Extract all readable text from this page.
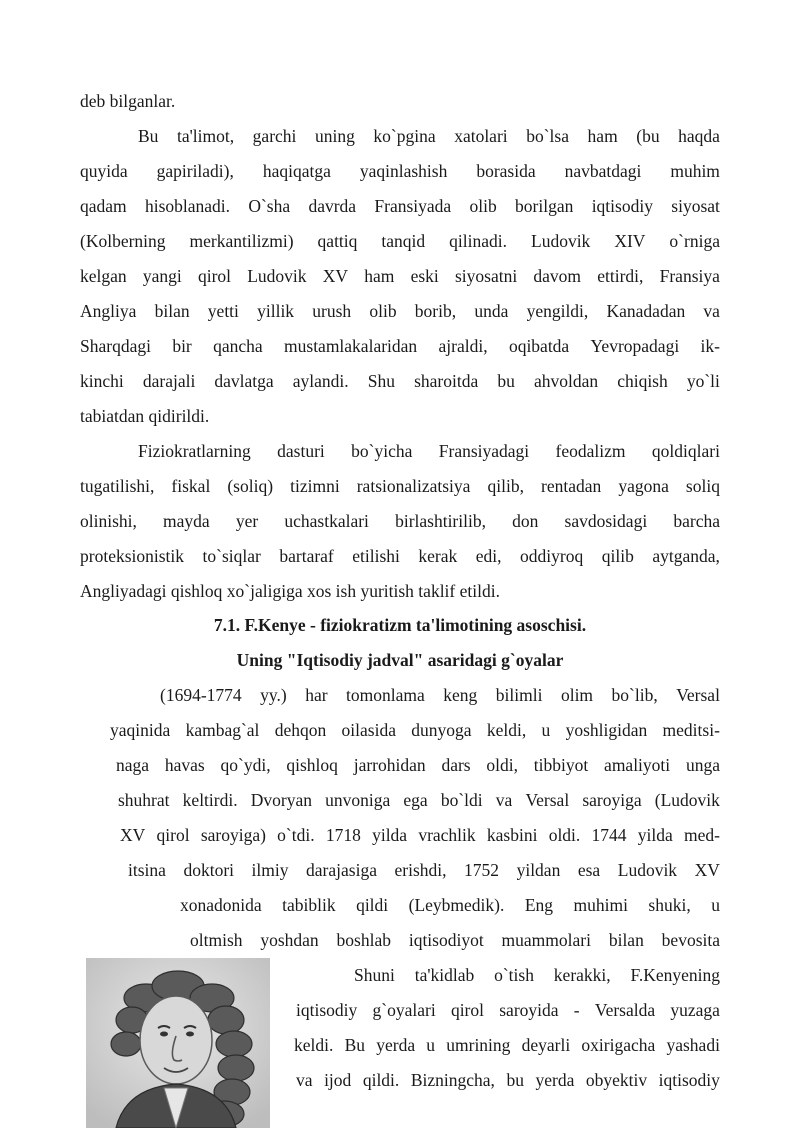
deb bilganlar.
Bu ta'limot, garchi uning ko`pgina xatolari bo`lsa ham (bu haqda
quyida gapiriladi), haqiqatga yaqinlashish borasida navbatdagi muhim
qadam hisoblanadi. O`sha davrda Fransiyada olib borilgan iqtisodiy siyosat
(Kolberning merkantilizmi) qattiq tanqid qilinadi. Ludovik XIV o`rniga
kelgan yangi qirol Ludovik XV ham eski siyosatni davom ettirdi, Fransiya
Angliya bilan yetti yillik urush olib borib, unda yengildi, Kanadadan va
Sharqdagi bir qancha mustamlakalaridan ajraldi, oqibatda Yevropadagi ik-
kinchi darajali davlatga aylandi. Shu sharoitda bu ahvoldan chiqish yo`li
tabiatdan qidirildi.
Fiziokratlarning dasturi bo`yicha Fransiyadagi feodalizm qoldiqlari
tugatilishi, fiskal (soliq) tizimni ratsionalizatsiya qilib, rentadan yagona soliq
olinishi, mayda yer uchastkalari birlashtirilib, don savdosidagi barcha
proteksionistik to`siqlar bartaraf etilishi kerak edi, oddiyroq qilib aytganda,
Angliyadagi qishloq xo`jaligiga xos ish yuritish taklif etildi.
7.1. F.Kenye - fiziokratizm ta'limotining asoschisi.
Uning "Iqtisodiy jadval" asaridagi g`oyalar
(1694-1774 yy.) har tomonlama keng bilimli olim bo`lib, Versal
yaqinida kambag`al dehqon oilasida dunyoga keldi, u yoshligidan meditsi-
naga havas qo`ydi, qishloq jarrohidan dars oldi, tibbiyot amaliyoti unga
shuhrat keltirdi. Dvoryan unvoniga ega bo`ldi va Versal saroyiga (Ludovik
XV qirol saroyiga) o`tdi. 1718 yilda vrachlik kasbini oldi. 1744 yilda med-
itsina doktori ilmiy darajasiga erishdi, 1752 yildan esa Ludovik XV
xonadonida tabiblik qildi (Leybmedik). Eng muhimi shuki, u
oltmish yoshdan boshlab iqtisodiyot muammolari bilan bevosita
Shuni ta'kidlab o`tish kerakki, F.Kenyening
iqtisodiy g`oyalari qirol saroyida - Versalda yuzaga
keldi. Bu yerda u umrining deyarli oxirigacha yashadi
va ijod qildi. Bizningcha, bu yerda obyektiv iqtisodiy
